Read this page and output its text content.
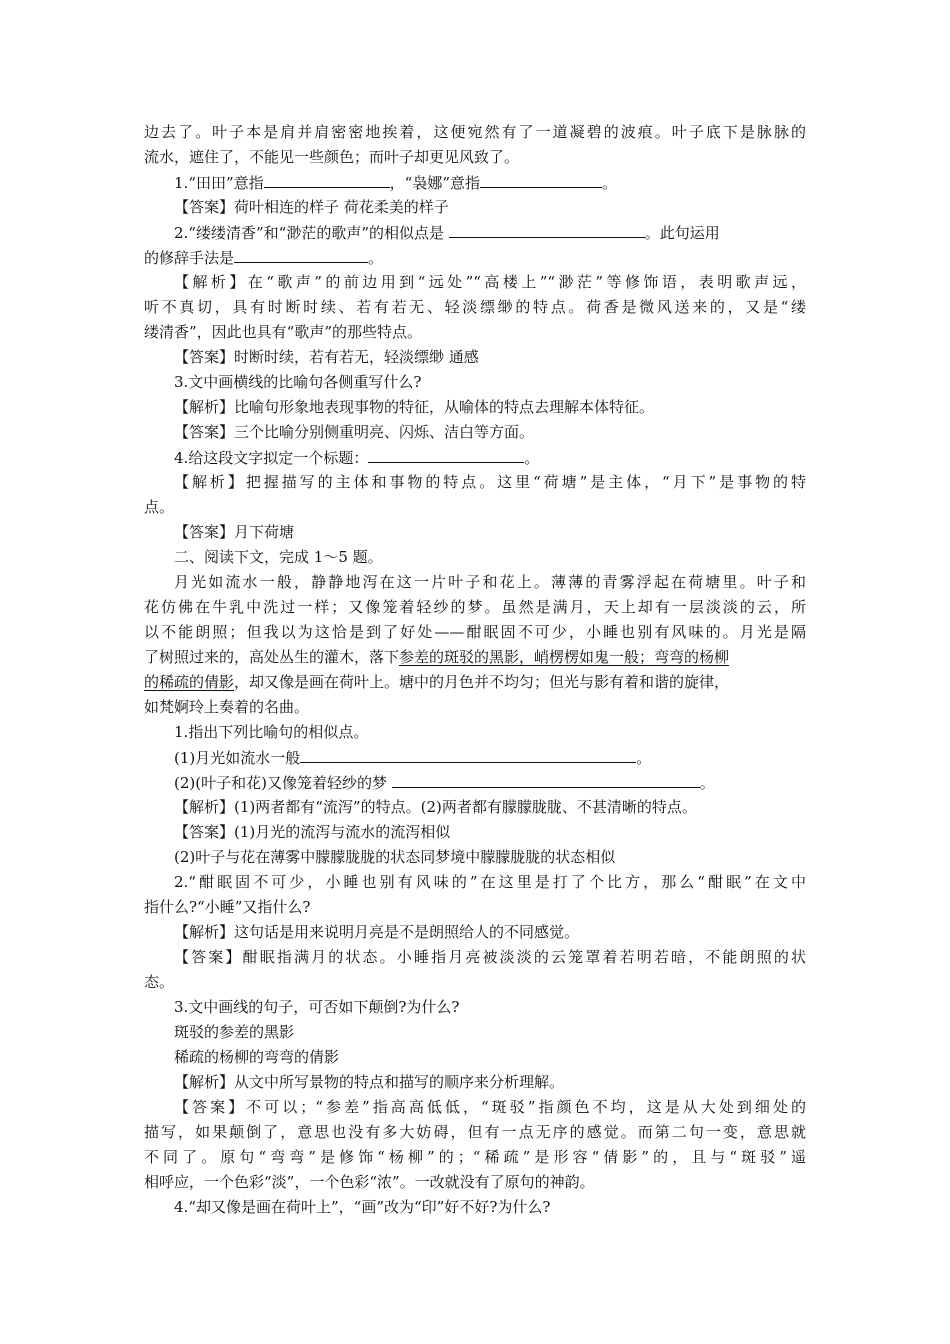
边去了。叶子本是肩并肩密密地挨着，这便宛然有了一道凝碧的波痕。叶子底下是脉脉的
流水，遮住了，不能见一些颜色；而叶子却更见风致了。
1.“田田”意指	，“袅娜”意指	。
【答案】荷叶相连的样子 荷花柔美的样子
2.“缕缕清香”和“渺茫的歌声”的相似点是	。此句运用
的修辞手法是	。
【解析】在“歌声”的前边用到“远处”“高楼上”“渺茫”等修饰语，表明歌声远，
听不真切，具有时断时续、若有若无、轻淡缥缈的特点。荷香是微风送来的，又是“缕
缕清香”，因此也具有“歌声”的那些特点。
【答案】时断时续，若有若无，轻淡缥缈 通感
3.文中画横线的比喻句各侧重写什么?
【解析】比喻句形象地表现事物的特征，从喻体的特点去理解本体特征。
【答案】三个比喻分别侧重明亮、闪烁、洁白等方面。
4.给这段文字拟定一个标题：	。
【解析】把握描写的主体和事物的特点。这里“荷塘”是主体，“月下”是事物的特
点。
【答案】月下荷塘
二、阅读下文，完成 1～5 题。
月光如流水一般，静静地泻在这一片叶子和花上。薄薄的青雾浮起在荷塘里。叶子和
花仿佛在牛乳中洗过一样；又像笼着轻纱的梦。虽然是满月，天上却有一层淡淡的云，所
以不能朗照；但我以为这恰是到了好处——酣眠固不可少，小睡也别有风味的。月光是隔
了树照过来的，高处丛生的灌木，落下参差的斑驳的黑影，峭楞楞如鬼一般；弯弯的杨柳
的稀疏的倩影，却又像是画在荷叶上。塘中的月色并不均匀；但光与影有着和谐的旋律，
如梵婀玲上奏着的名曲。
1.指出下列比喻句的相似点。
(1)月光如流水一般	。
(2)(叶子和花)又像笼着轻纱的梦	。
【解析】(1)两者都有“流泻”的特点。(2)两者都有朦朦胧胧、不甚清晰的特点。
【答案】(1)月光的流泻与流水的流泻相似
(2)叶子与花在薄雾中朦朦胧胧的状态同梦境中朦朦胧胧的状态相似
2.“酣眠固不可少，小睡也别有风味的”在这里是打了个比方，那么“酣眠”在文中
指什么?“小睡”又指什么?
【解析】这句话是用来说明月亮是不是朗照给人的不同感觉。
【答案】酣眠指满月的状态。小睡指月亮被淡淡的云笼罩着若明若暗，不能朗照的状
态。
3.文中画线的句子，可否如下颠倒?为什么?
斑驳的参差的黑影
稀疏的杨柳的弯弯的倩影
【解析】从文中所写景物的特点和描写的顺序来分析理解。
【答案】不可以；“参差”指高高低低，“斑驳”指颜色不均，这是从大处到细处的
描写，如果颠倒了，意思也没有多大妨碍，但有一点无序的感觉。而第二句一变，意思就
不同了。原句“弯弯”是修饰“杨柳”的；“稀疏”是形容“倩影”的，且与“斑驳”遥
相呼应，一个色彩“淡”，一个色彩“浓”。一改就没有了原句的神韵。
4.“却又像是画在荷叶上”，“画”改为“印”好不好?为什么?
